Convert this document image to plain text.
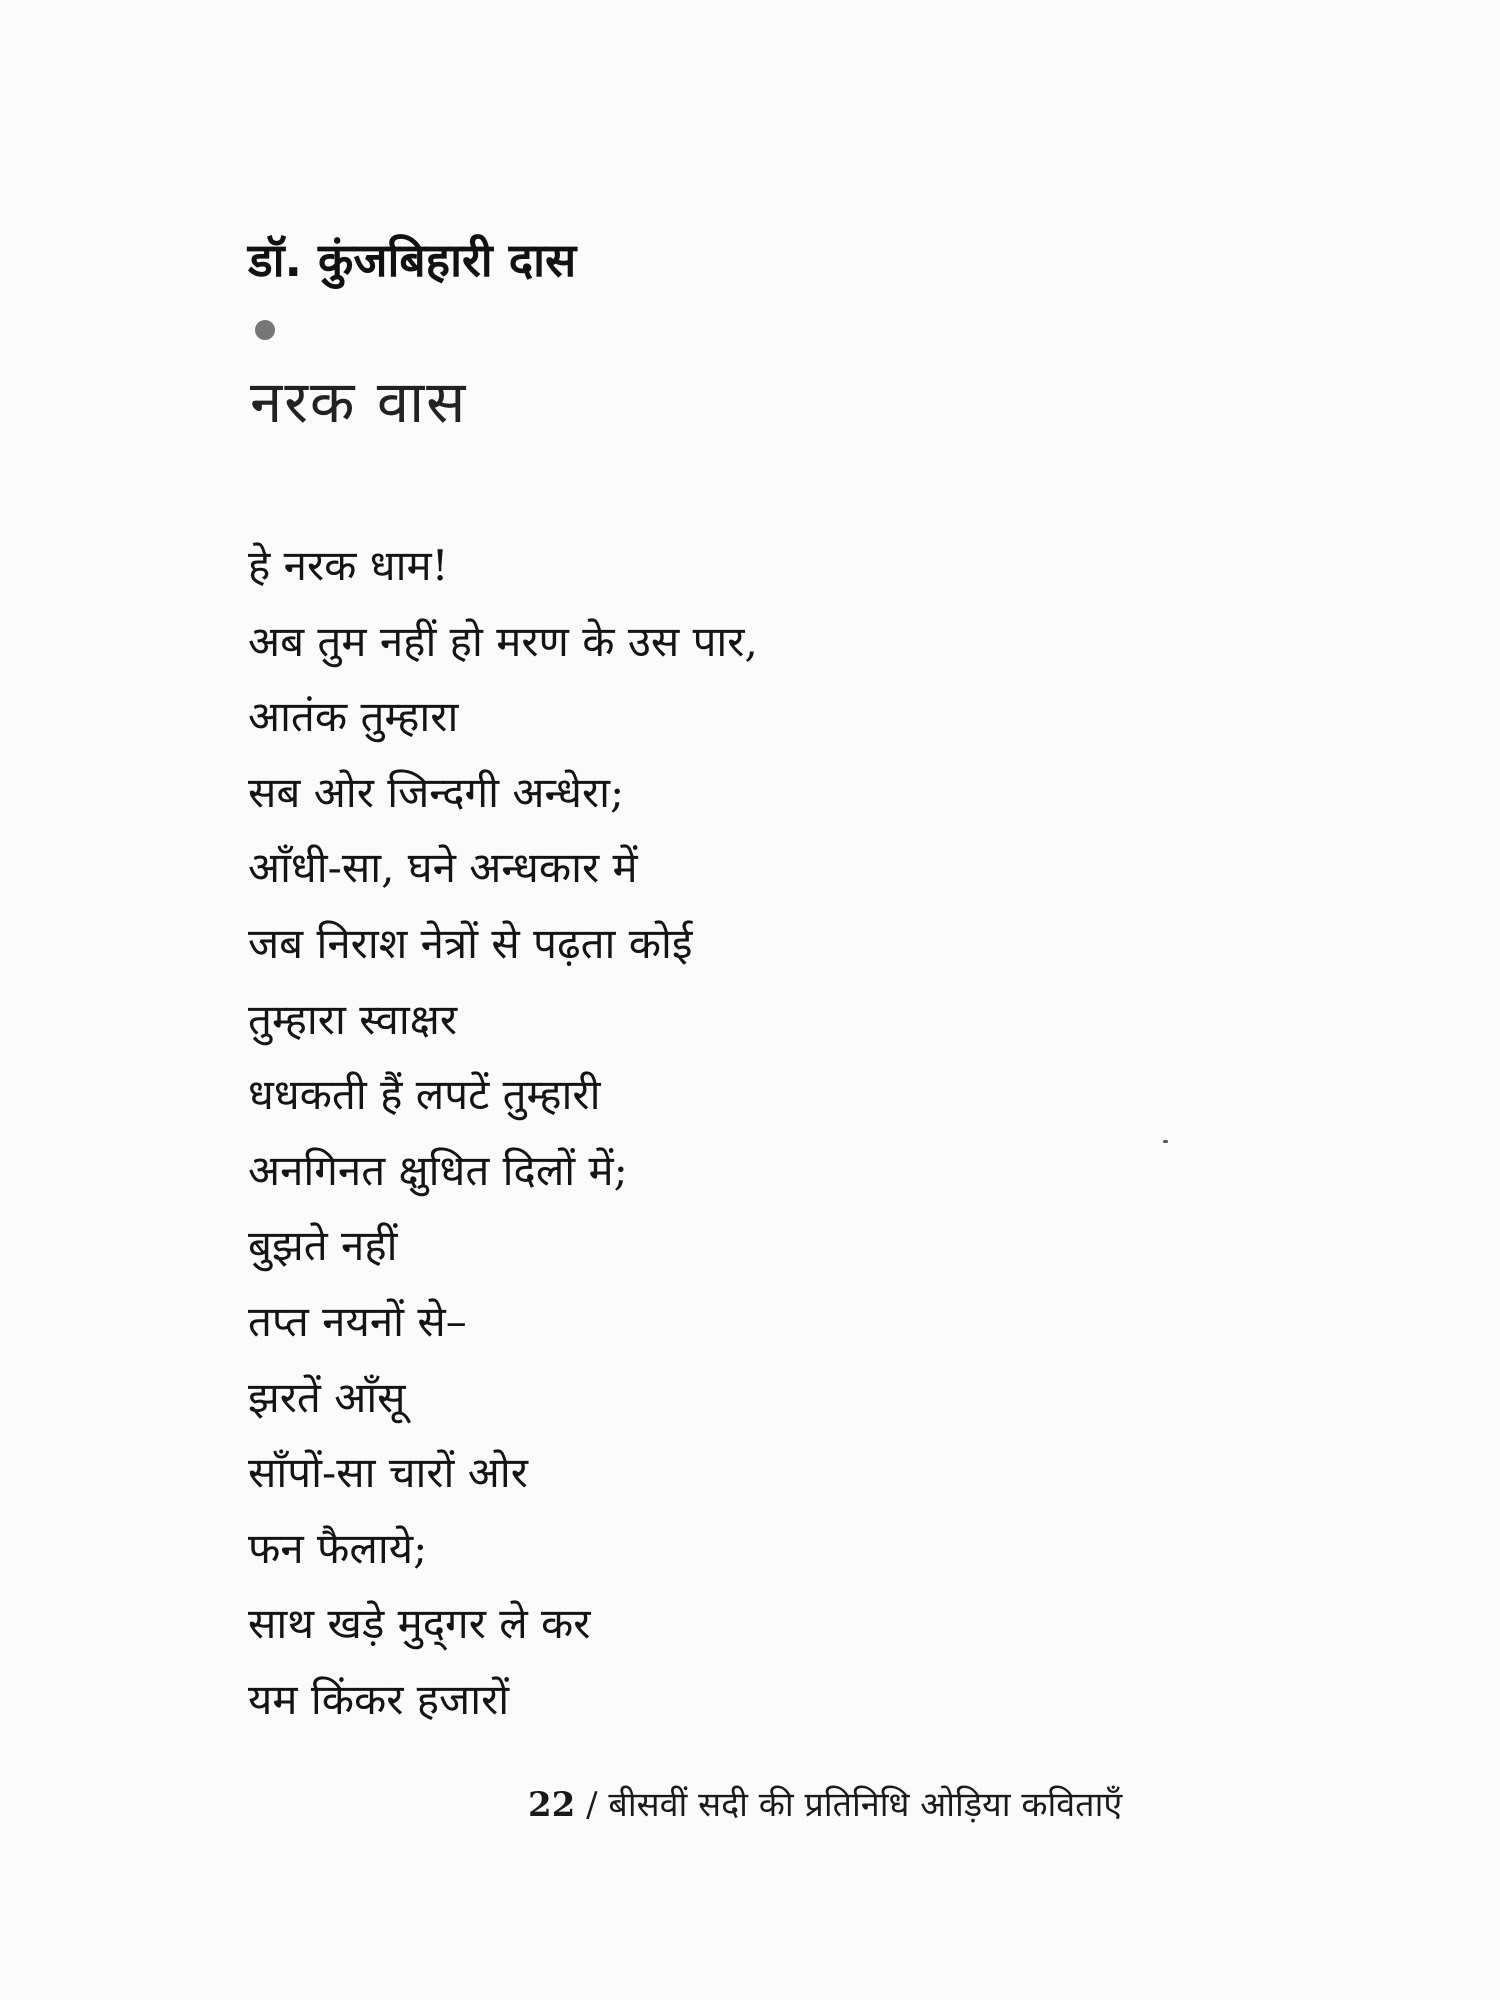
डॉ. कुंजबिहारी दास
नरक वास
हे नरक धाम!
अब तुम नहीं हो मरण के उस पार,
आतंक तुम्हारा
सब ओर जिन्दगी अन्धेरा;
आँधी-सा, घने अन्धकार में
जब निराश नेत्रों से पढ़ता कोई
तुम्हारा स्वाक्षर
धधकती हैं लपटें तुम्हारी
अनगिनत क्षुधित दिलों में;
बुझते नहीं
तप्त नयनों से–
झरतें आँसू
साँपों-सा चारों ओर
फन फैलाये;
साथ खड़े मुद्‌गर ले कर
यम किंकर हजारों
22 / बीसवीं सदी की प्रतिनिधि ओड़िया कविताएँ
